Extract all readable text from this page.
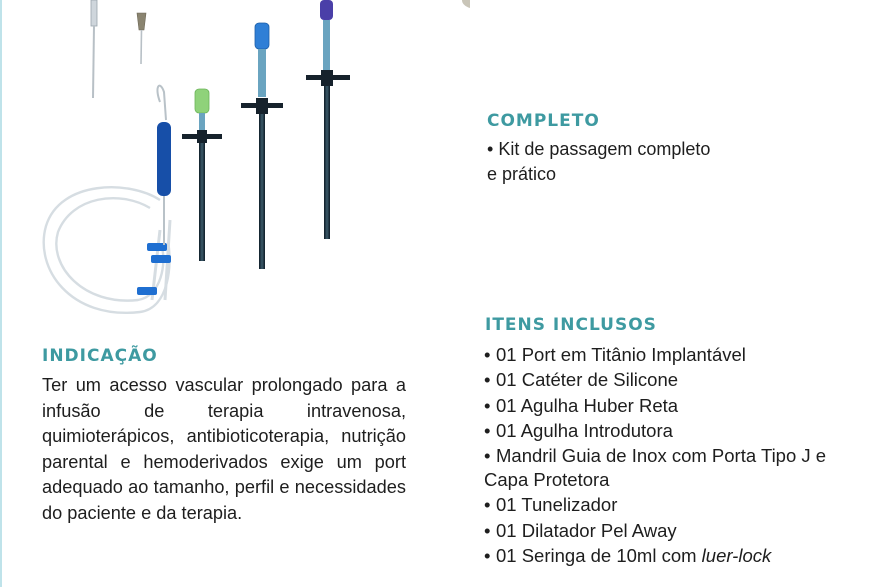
COMPLETO
• Kit de passagem completo e prático
ITENS INCLUSOS
• 01 Port em Titânio Implantável
• 01 Catéter de Silicone
• 01 Agulha Huber Reta
• 01 Agulha Introdutora
• Mandril Guia de Inox com Porta Tipo J e Capa Protetora
• 01 Tunelizador
• 01 Dilatador Pel Away
• 01 Seringa de 10ml com luer-lock
INDICAÇÃO

Ter um acesso vascular prolongado para a infusão de terapia intravenosa, quimioterápicos, antibioticoterapia, nutrição parental e hemoderivados exige um port adequado ao tamanho, perfil e necessidades do paciente e da terapia.
